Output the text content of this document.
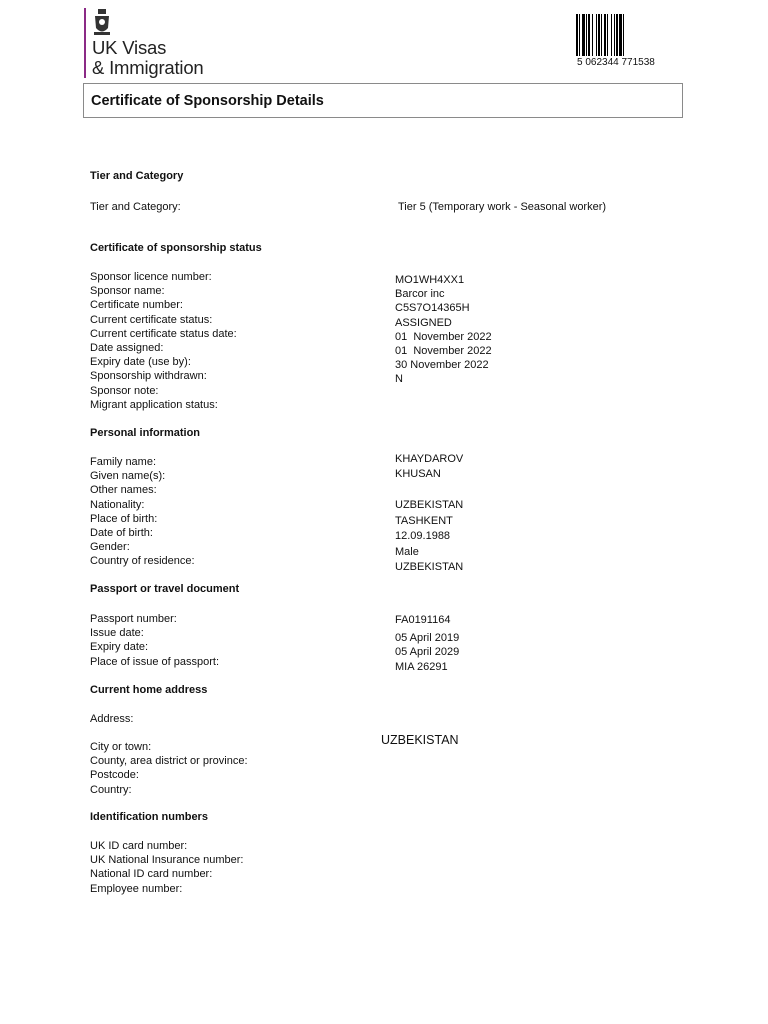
UK Visas
& Immigration	5 062344 771538
Certificate of Sponsorship Details
Tier and Category
Tier and Category:	Tier 5 (Temporary work - Seasonal worker)
Certificate of sponsorship status
Sponsor licence number:
Sponsor name:
Certificate number:
Current certificate status:
Current certificate status date:
Date assigned:
Expiry date (use by):
Sponsorship withdrawn:
Sponsor note:
Migrant application status:
MO1WH4XX1
Barcor inc
C5S7O14365H
ASSIGNED
01  November 2022
01  November 2022
30 November 2022
N
Personal information
Family name:
Given name(s):
Other names:
Nationality:
Place of birth:
Date of birth:
Gender:
Country of residence:
KHAYDAROV
KHUSAN
UZBEKISTAN
TASHKENT
12.09.1988
Male
UZBEKISTAN
Passport or travel document
Passport number:
Issue date:
Expiry date:
Place of issue of passport:
FA0191164
05 April 2019
05 April 2029
MIA 26291
Current home address
Address:
City or town:
County, area district or province:
Postcode:
Country:
UZBEKISTAN
Identification numbers
UK ID card number:
UK National Insurance number:
National ID card number:
Employee number:
